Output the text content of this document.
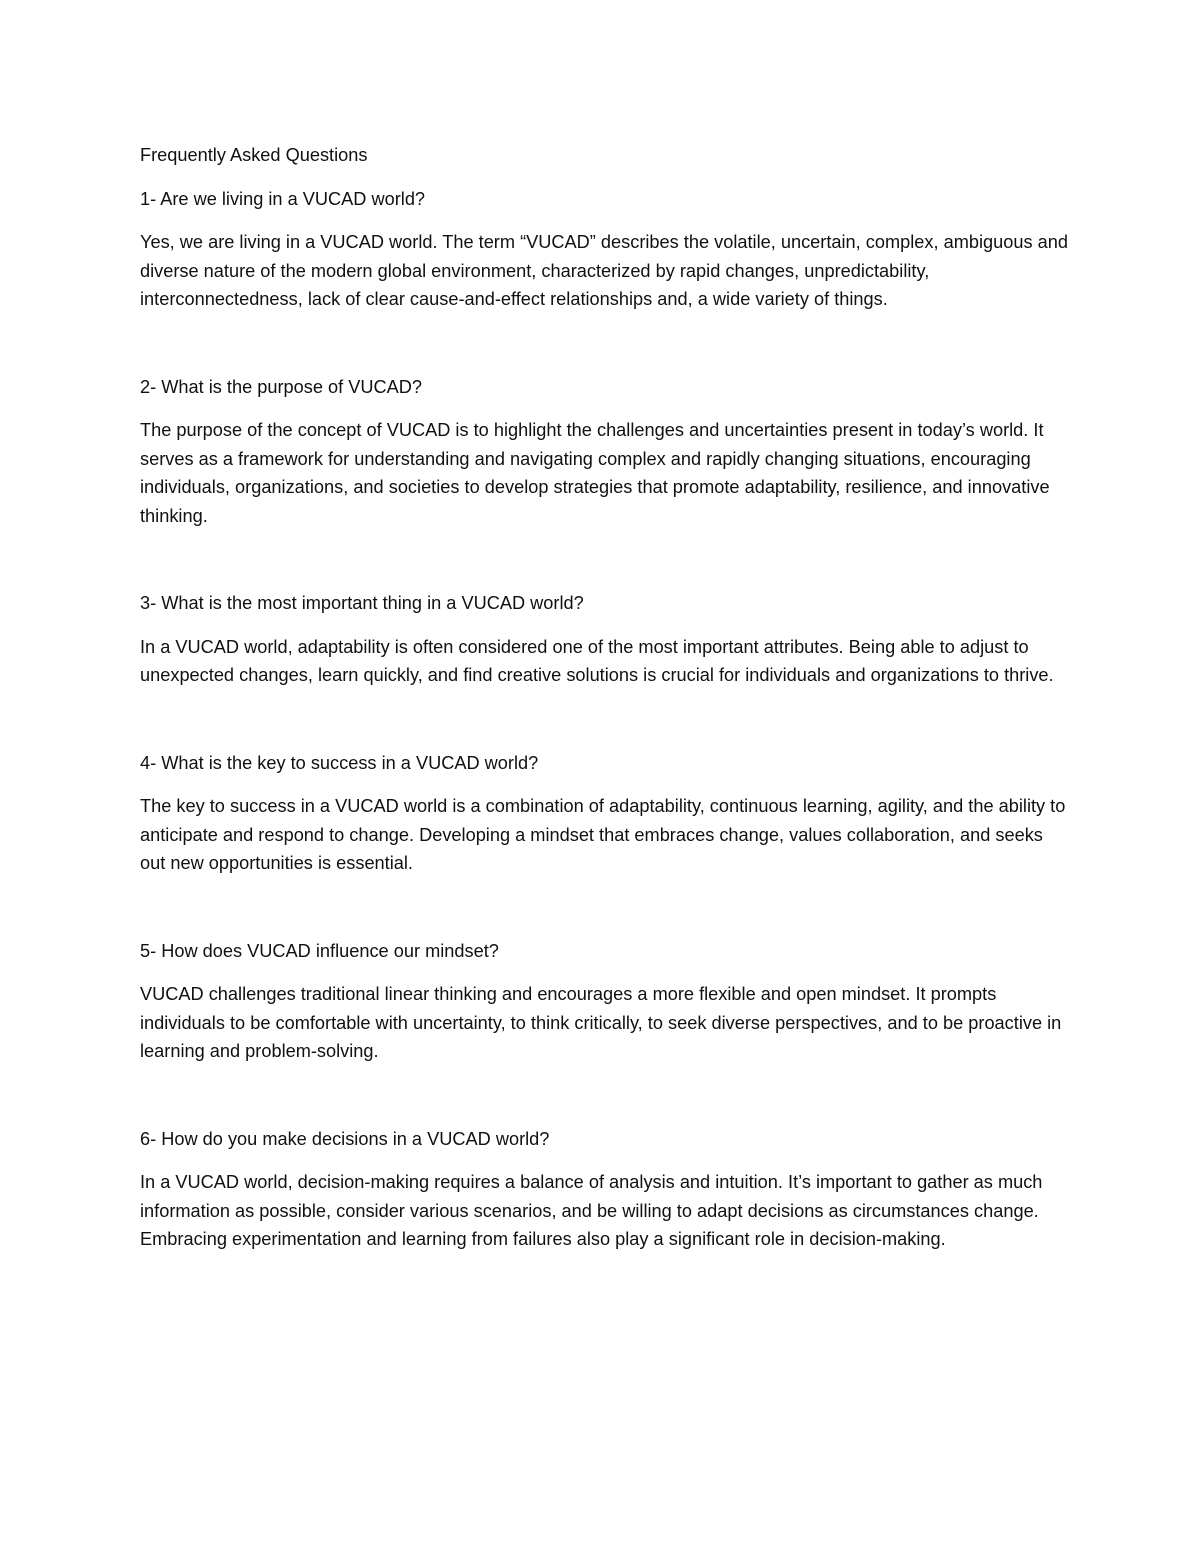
Frequently Asked Questions

1- Are we living in a VUCAD world?

Yes, we are living in a VUCAD world. The term “VUCAD” describes the volatile, uncertain, complex, ambiguous and diverse nature of the modern global environment, characterized by rapid changes, unpredictability, interconnectedness, lack of clear cause-and-effect relationships and, a wide variety of things.

2- What is the purpose of VUCAD?

The purpose of the concept of VUCAD is to highlight the challenges and uncertainties present in today’s world. It serves as a framework for understanding and navigating complex and rapidly changing situations, encouraging individuals, organizations, and societies to develop strategies that promote adaptability, resilience, and innovative thinking.

3- What is the most important thing in a VUCAD world?

In a VUCAD world, adaptability is often considered one of the most important attributes. Being able to adjust to unexpected changes, learn quickly, and find creative solutions is crucial for individuals and organizations to thrive.

4- What is the key to success in a VUCAD world?

The key to success in a VUCAD world is a combination of adaptability, continuous learning, agility, and the ability to anticipate and respond to change. Developing a mindset that embraces change, values collaboration, and seeks out new opportunities is essential.

5- How does VUCAD influence our mindset?

VUCAD challenges traditional linear thinking and encourages a more flexible and open mindset. It prompts individuals to be comfortable with uncertainty, to think critically, to seek diverse perspectives, and to be proactive in learning and problem-solving.

6- How do you make decisions in a VUCAD world?

In a VUCAD world, decision-making requires a balance of analysis and intuition. It’s important to gather as much information as possible, consider various scenarios, and be willing to adapt decisions as circumstances change. Embracing experimentation and learning from failures also play a significant role in decision-making.
